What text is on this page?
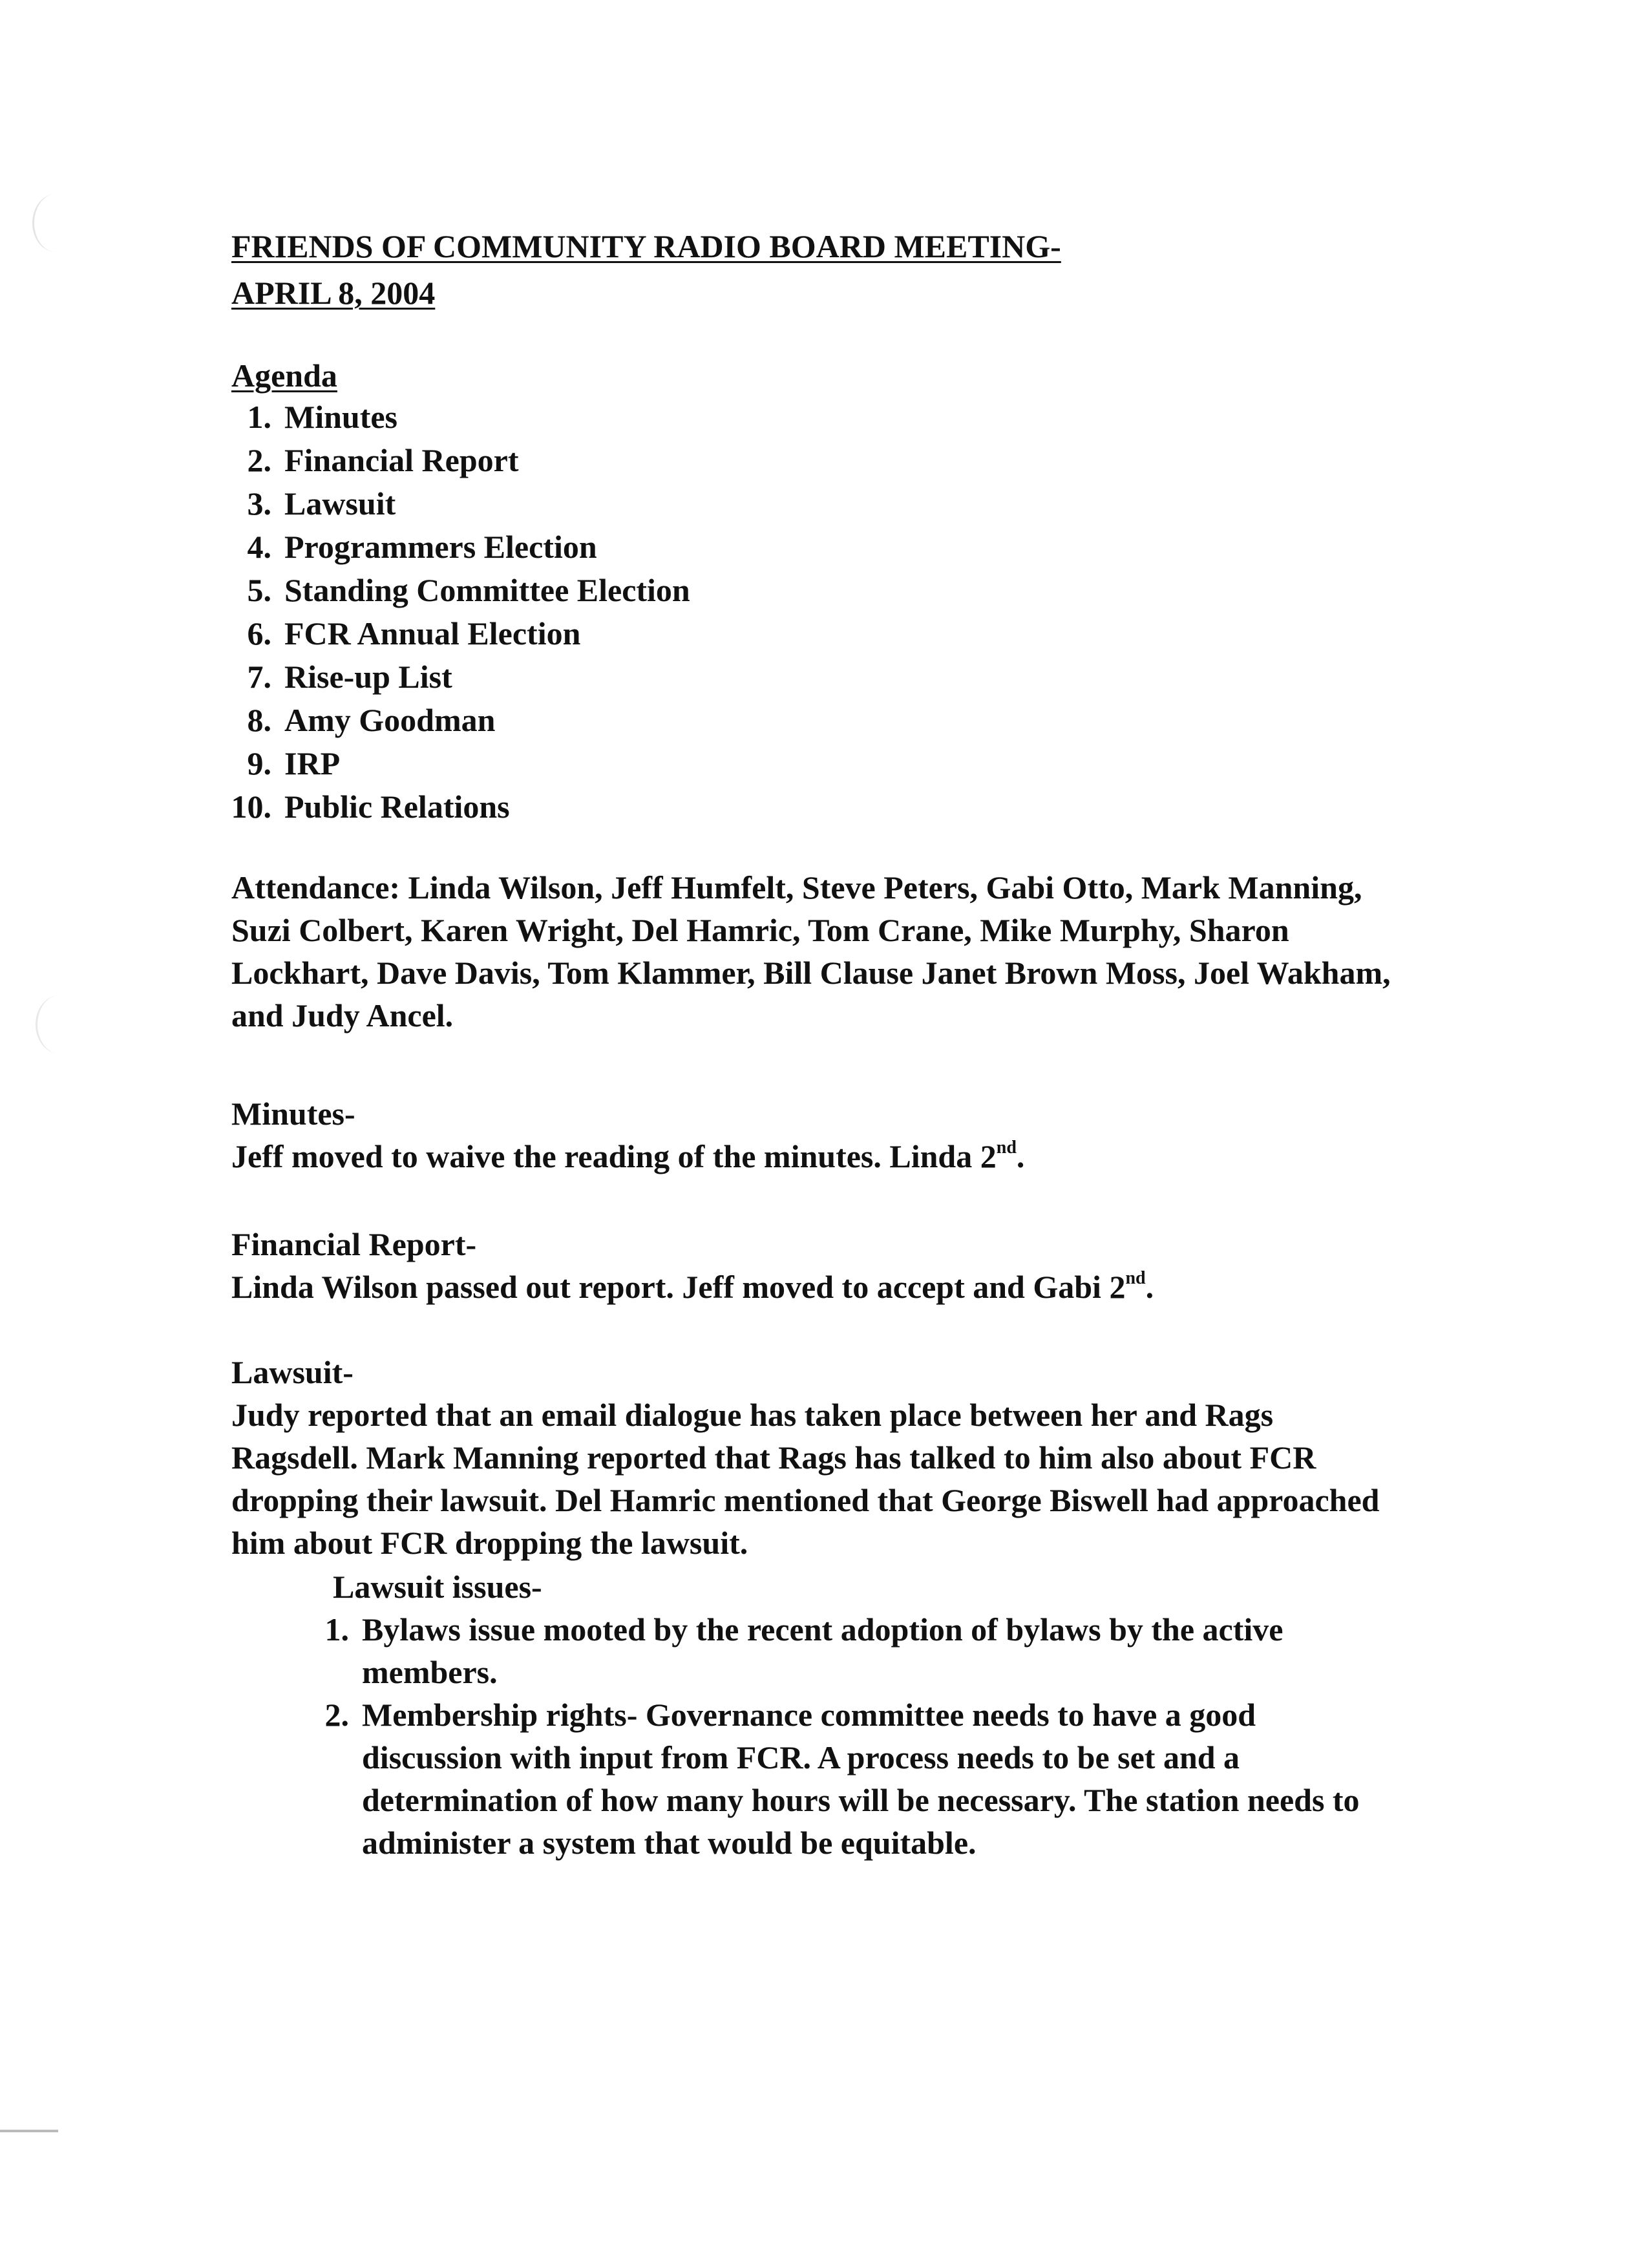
FRIENDS OF COMMUNITY RADIO BOARD MEETING-
APRIL 8, 2004
Agenda
1. Minutes
2. Financial Report
3. Lawsuit
4. Programmers Election
5. Standing Committee Election
6. FCR Annual Election
7. Rise-up List
8. Amy Goodman
9. IRP
10. Public Relations
Attendance: Linda Wilson, Jeff Humfelt, Steve Peters, Gabi Otto, Mark Manning, Suzi Colbert, Karen Wright, Del Hamric, Tom Crane, Mike Murphy, Sharon Lockhart, Dave Davis, Tom Klammer, Bill Clause Janet Brown Moss, Joel Wakham, and Judy Ancel.
Minutes-
Jeff moved to waive the reading of the minutes. Linda 2nd.
Financial Report-
Linda Wilson passed out report. Jeff moved to accept and Gabi 2nd.
Lawsuit-
Judy reported that an email dialogue has taken place between her and Rags Ragsdell. Mark Manning reported that Rags has talked to him also about FCR dropping their lawsuit. Del Hamric mentioned that George Biswell had approached him about FCR dropping the lawsuit.
Lawsuit issues-
1. Bylaws issue mooted by the recent adoption of bylaws by the active members.
2. Membership rights- Governance committee needs to have a good discussion with input from FCR. A process needs to be set and a determination of how many hours will be necessary. The station needs to administer a system that would be equitable.
